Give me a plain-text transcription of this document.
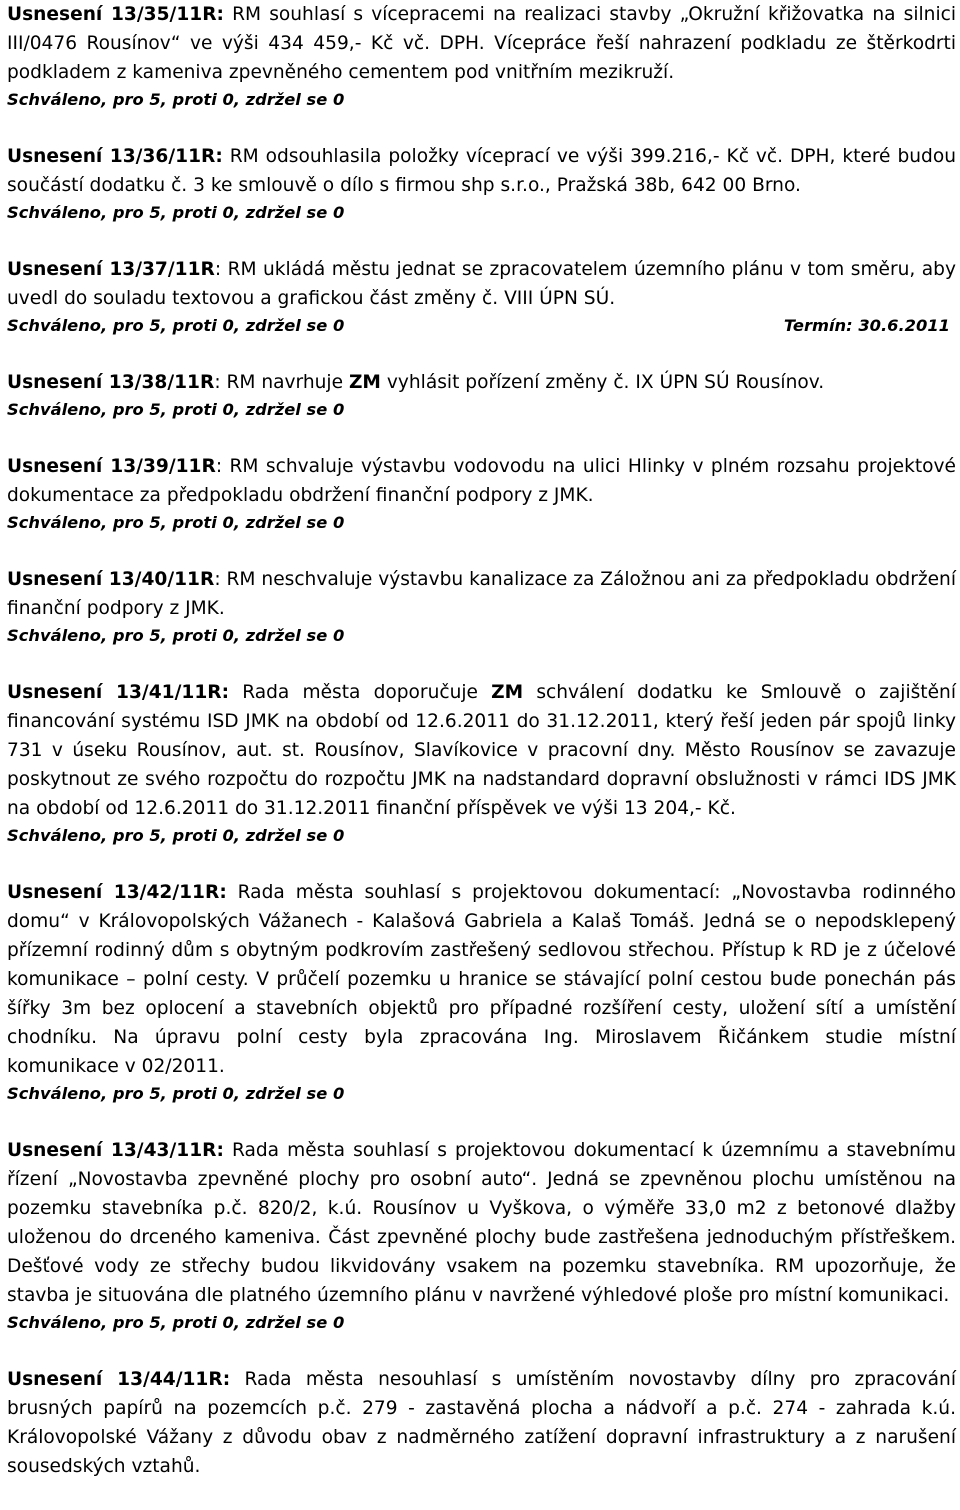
Usnesení 13/35/11R: RM souhlasí s vícepracemi na realizaci stavby „Okružní křižovatka na silnici III/0476 Rousínov“ ve výši 434 459,- Kč vč. DPH. Vícepráce řeší nahrazení podkladu ze štěrkodrti podkladem z kameniva zpevněného cementem pod vnitřním mezikruží.

Schváleno, pro 5, proti 0, zdržel se 0

Usnesení 13/36/11R: RM odsouhlasila položky víceprací ve výši 399.216,- Kč vč. DPH, které budou součástí dodatku č. 3 ke smlouvě o dílo s firmou shp s.r.o., Pražská 38b, 642 00 Brno.

Schváleno, pro 5, proti 0, zdržel se 0

Usnesení 13/37/11R: RM ukládá městu jednat se zpracovatelem územního plánu v tom směru, aby uvedl do souladu textovou a grafickou část změny č. VIII ÚPN SÚ.

Schváleno, pro 5, proti 0, zdržel se 0	Termín: 30.6.2011

Usnesení 13/38/11R: RM navrhuje ZM vyhlásit pořízení změny č. IX ÚPN SÚ Rousínov.

Schváleno, pro 5, proti 0, zdržel se 0

Usnesení 13/39/11R: RM schvaluje výstavbu vodovodu na ulici Hlinky v plném rozsahu projektové dokumentace za předpokladu obdržení finanční podpory z JMK.

Schváleno, pro 5, proti 0, zdržel se 0

Usnesení 13/40/11R: RM neschvaluje výstavbu kanalizace za Záložnou ani za předpokladu obdržení finanční podpory z JMK.

Schváleno, pro 5, proti 0, zdržel se 0

Usnesení 13/41/11R: Rada města doporučuje ZM schválení dodatku ke Smlouvě o zajištění financování systému ISD JMK na období od 12.6.2011 do 31.12.2011, který řeší jeden pár spojů linky 731 v úseku Rousínov, aut. st. Rousínov, Slavíkovice v pracovní dny. Město Rousínov se zavazuje poskytnout ze svého rozpočtu do rozpočtu JMK na nadstandard dopravní obslužnosti v rámci IDS JMK na období od 12.6.2011 do 31.12.2011 finanční příspěvek ve výši 13 204,- Kč.

Schváleno, pro 5, proti 0, zdržel se 0

Usnesení 13/42/11R: Rada města souhlasí s projektovou dokumentací: „Novostavba rodinného domu“ v Královopolských Vážanech - Kalašová Gabriela a Kalaš Tomáš. Jedná se o nepodsklepený přízemní rodinný dům s obytným podkrovím zastřešený sedlovou střechou. Přístup k RD je z účelové komunikace – polní cesty. V průčelí pozemku u hranice se stávající polní cestou bude ponechán pás šířky 3m bez oplocení a stavebních objektů pro případné rozšíření cesty, uložení sítí a umístění chodníku. Na úpravu polní cesty byla zpracována Ing. Miroslavem Řičánkem studie místní komunikace v 02/2011.

Schváleno, pro 5, proti 0, zdržel se 0

Usnesení 13/43/11R: Rada města souhlasí s projektovou dokumentací k územnímu a stavebnímu řízení „Novostavba zpevněné plochy pro osobní auto“. Jedná se zpevněnou plochu umístěnou na pozemku stavebníka p.č. 820/2, k.ú. Rousínov u Vyškova, o výměře 33,0 m2 z betonové dlažby uloženou do drceného kameniva. Část zpevněné plochy bude zastřešena jednoduchým přístřeškem. Dešťové vody ze střechy budou likvidovány vsakem na pozemku stavebníka. RM upozorňuje, že stavba je situována dle platného územního plánu v navržené výhledové ploše pro místní komunikaci.

Schváleno, pro 5, proti 0, zdržel se 0

Usnesení 13/44/11R: Rada města nesouhlasí s umístěním novostavby dílny pro zpracování brusných papírů na pozemcích p.č. 279 - zastavěná plocha a nádvoří a p.č. 274 - zahrada k.ú. Královopolské Vážany z důvodu obav z nadměrného zatížení dopravní infrastruktury a z narušení sousedských vztahů.
